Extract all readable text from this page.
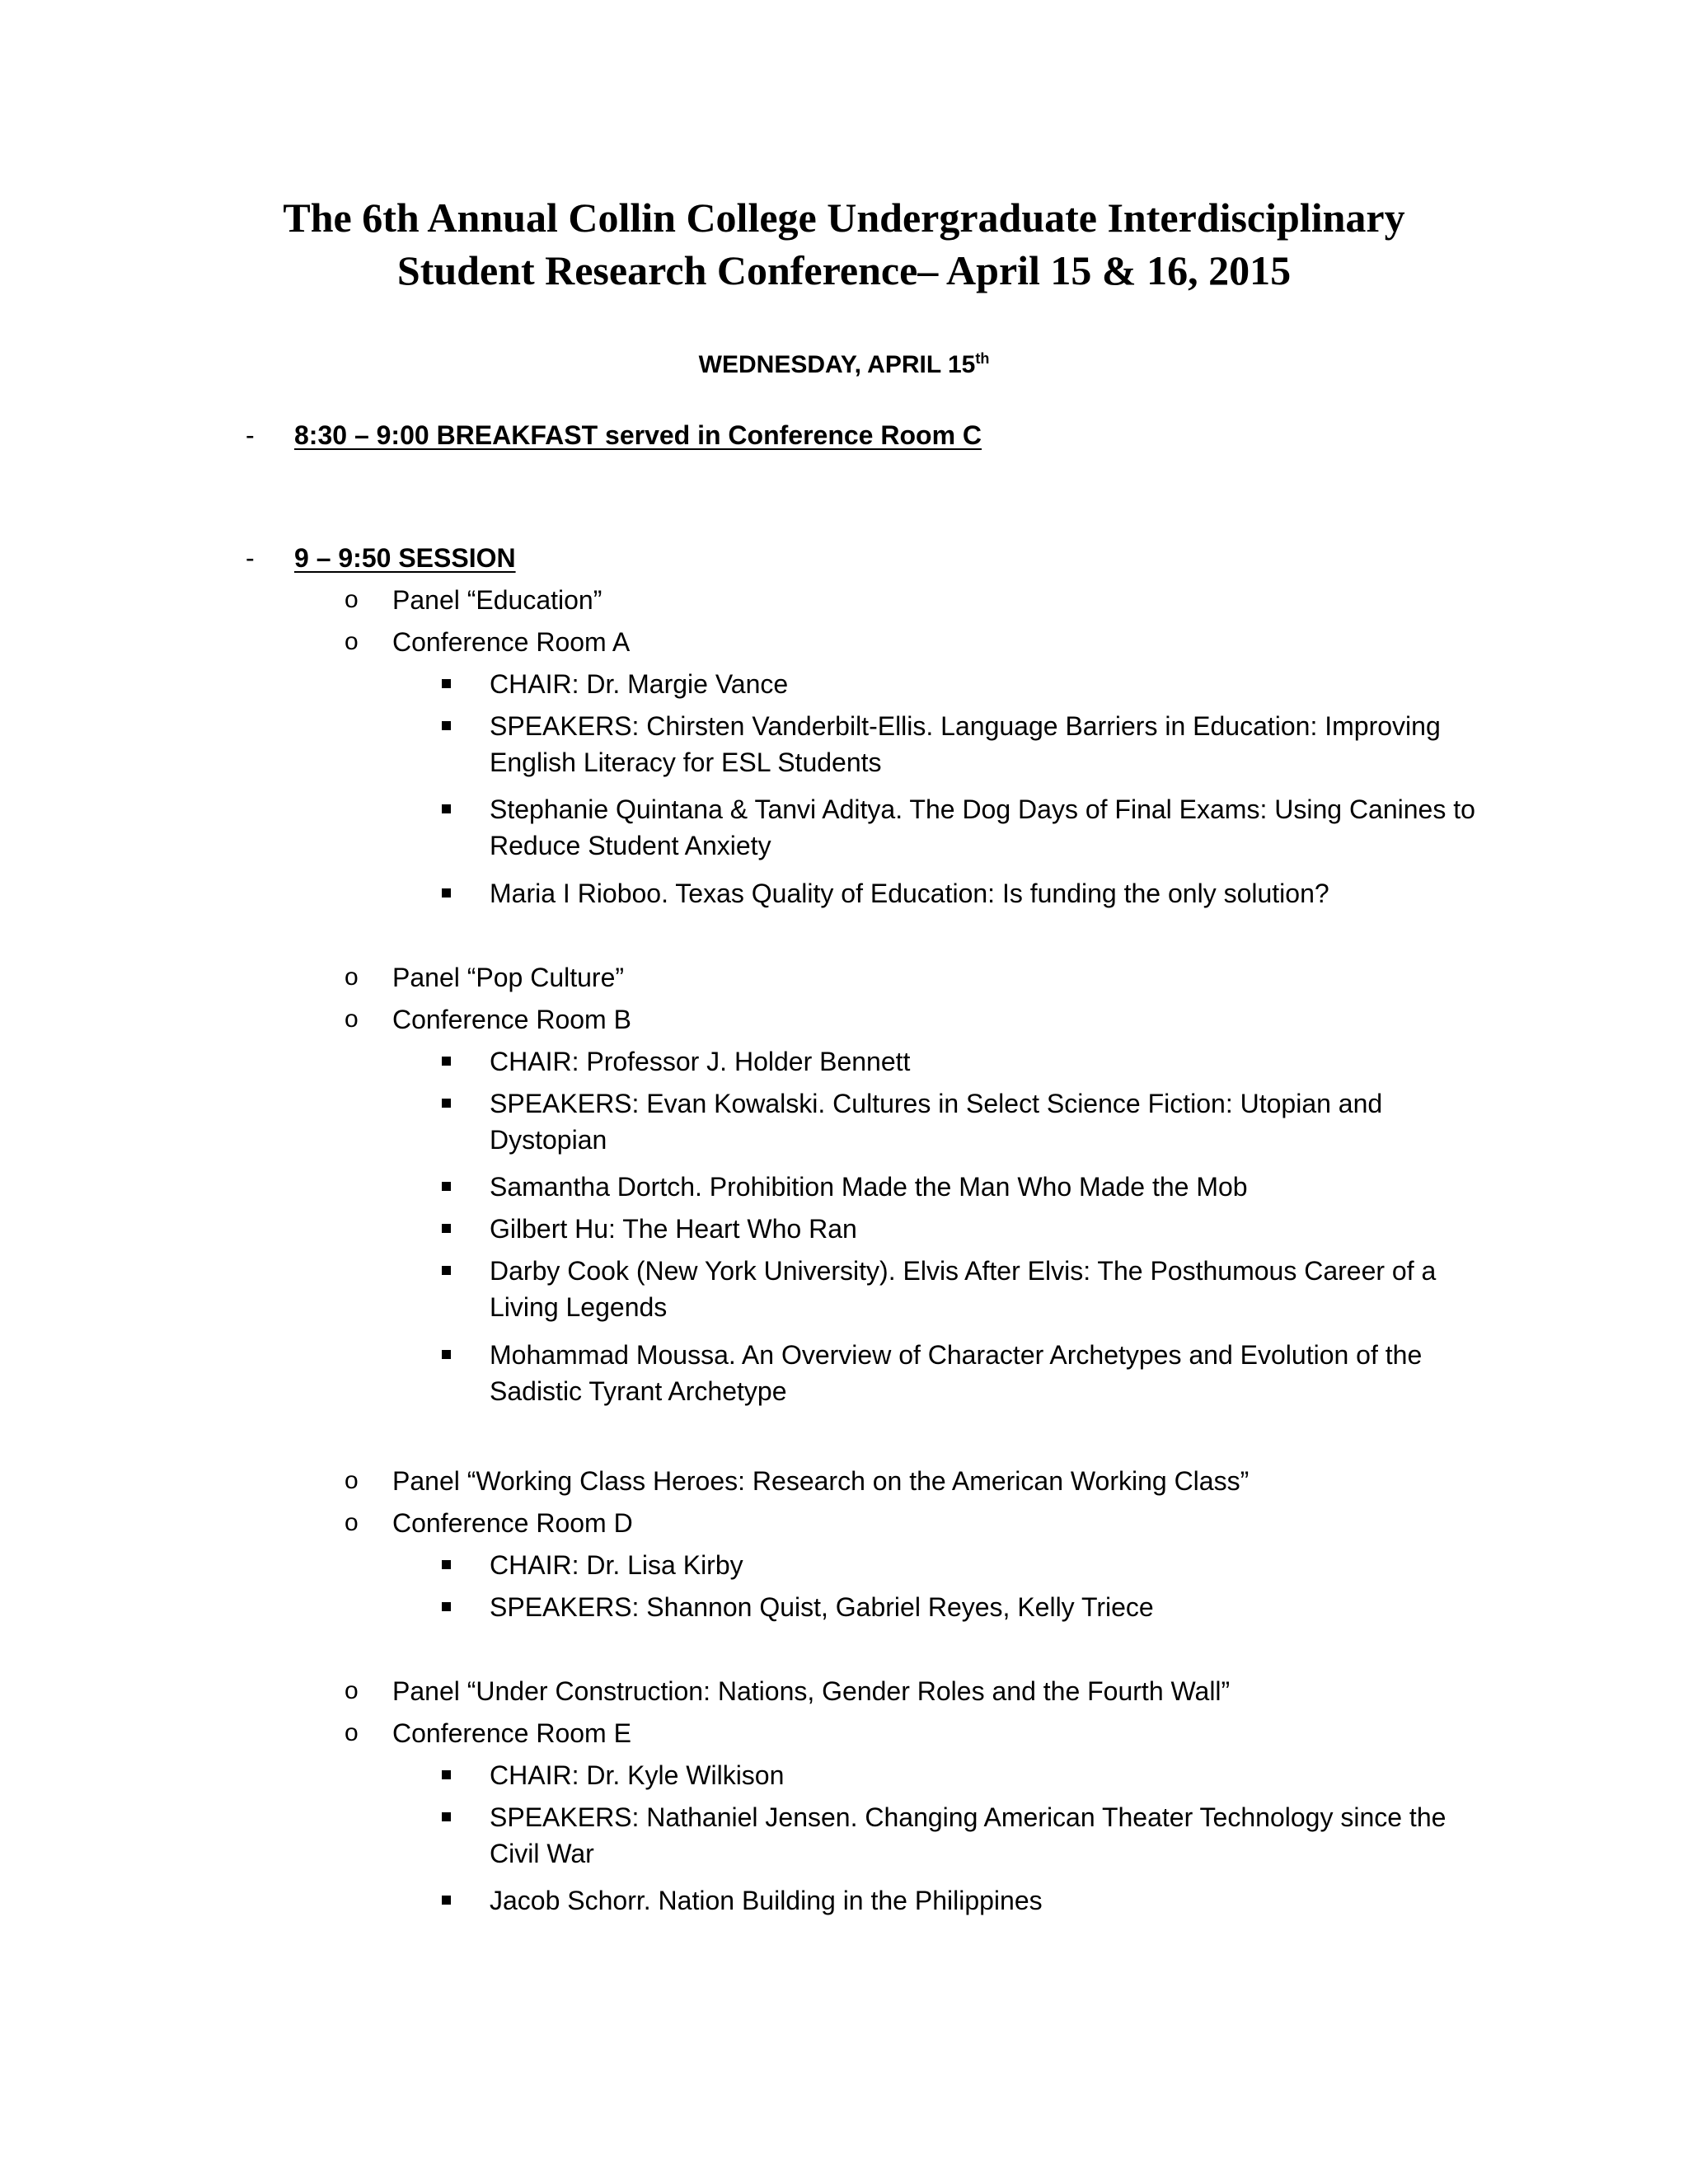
The 6th Annual Collin College Undergraduate Interdisciplinary
Student Research Conference– April 15 & 16, 2015

WEDNESDAY, APRIL 15th

- 8:30 – 9:00 BREAKFAST served in Conference Room C

- 9 – 9:50 SESSION

o Panel “Education”

o Conference Room A

CHAIR: Dr. Margie Vance

SPEAKERS: Chirsten Vanderbilt-Ellis. Language Barriers in Education: Improving English Literacy for ESL Students

Stephanie Quintana & Tanvi Aditya. The Dog Days of Final Exams: Using Canines to Reduce Student Anxiety

Maria I Rioboo. Texas Quality of Education: Is funding the only solution?

o Panel “Pop Culture”

o Conference Room B

CHAIR: Professor J. Holder Bennett

SPEAKERS: Evan Kowalski. Cultures in Select Science Fiction: Utopian and Dystopian

Samantha Dortch. Prohibition Made the Man Who Made the Mob

Gilbert Hu: The Heart Who Ran

Darby Cook (New York University). Elvis After Elvis: The Posthumous Career of a Living Legends

Mohammad Moussa. An Overview of Character Archetypes and Evolution of the Sadistic Tyrant Archetype

o Panel “Working Class Heroes: Research on the American Working Class”

o Conference Room D

CHAIR: Dr. Lisa Kirby

SPEAKERS: Shannon Quist, Gabriel Reyes, Kelly Triece

o Panel “Under Construction: Nations, Gender Roles and the Fourth Wall”

o Conference Room E

CHAIR: Dr. Kyle Wilkison

SPEAKERS: Nathaniel Jensen. Changing American Theater Technology since the Civil War

Jacob Schorr. Nation Building in the Philippines
